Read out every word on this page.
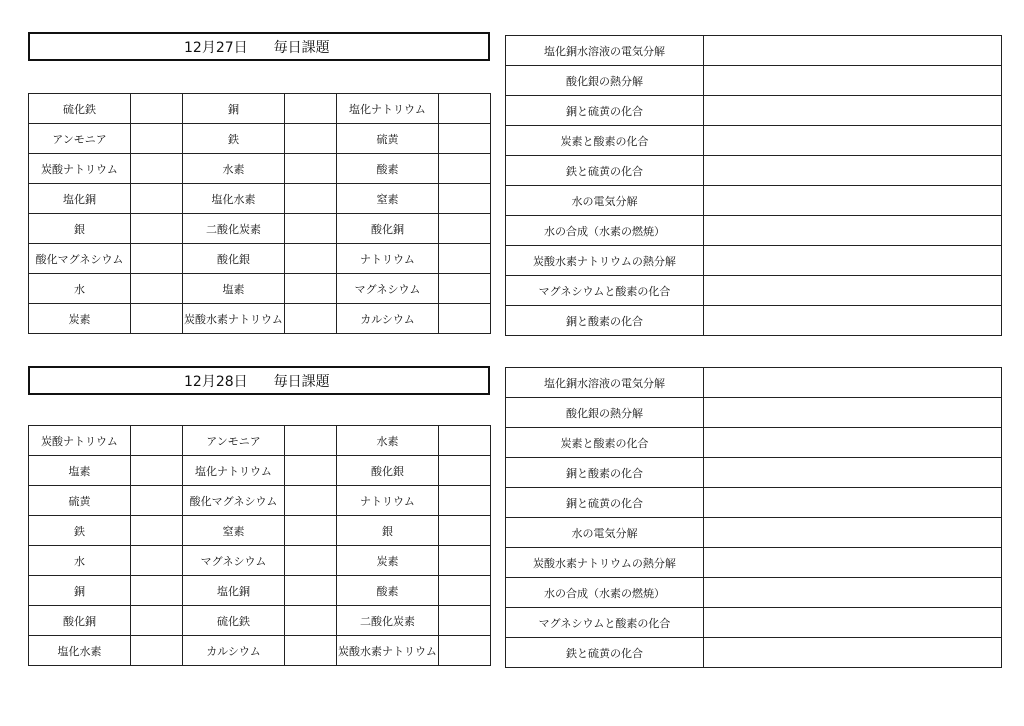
12月27日 毎日課題
硫化鉄		銅		塩化ナトリウム	
アンモニア		鉄		硫黄	
炭酸ナトリウム		水素		酸素	
塩化銅		塩化水素		窒素	
銀		二酸化炭素		酸化銅	
酸化マグネシウム		酸化銀		ナトリウム	
水		塩素		マグネシウム	
炭素		炭酸水素ナトリウム		カルシウム	
塩化銅水溶液の電気分解	
酸化銀の熱分解	
銅と硫黄の化合	
炭素と酸素の化合	
鉄と硫黄の化合	
水の電気分解	
水の合成（水素の燃焼）	
炭酸水素ナトリウムの熱分解	
マグネシウムと酸素の化合	
銅と酸素の化合	
12月28日 毎日課題
炭酸ナトリウム		アンモニア		水素	
塩素		塩化ナトリウム		酸化銀	
硫黄		酸化マグネシウム		ナトリウム	
鉄		窒素		銀	
水		マグネシウム		炭素	
銅		塩化銅		酸素	
酸化銅		硫化鉄		二酸化炭素	
塩化水素		カルシウム		炭酸水素ナトリウム	
塩化銅水溶液の電気分解	
酸化銀の熱分解	
炭素と酸素の化合	
銅と酸素の化合	
銅と硫黄の化合	
水の電気分解	
炭酸水素ナトリウムの熱分解	
水の合成（水素の燃焼）	
マグネシウムと酸素の化合	
鉄と硫黄の化合	
